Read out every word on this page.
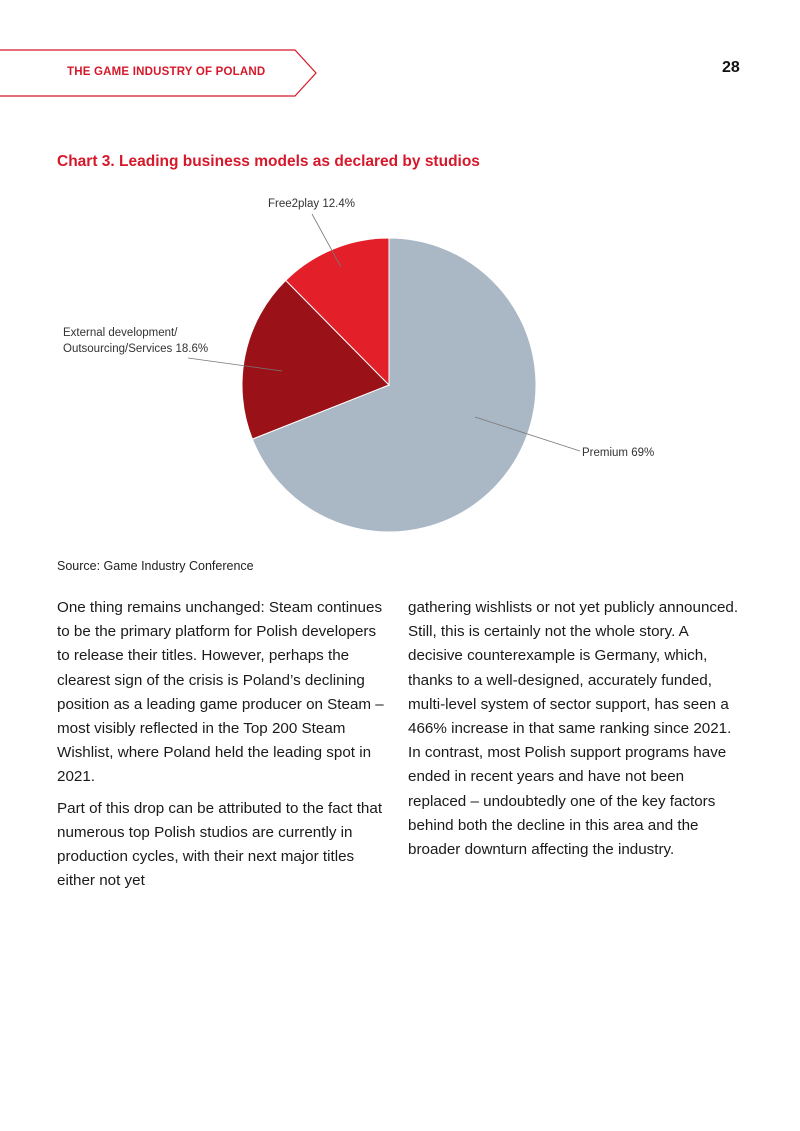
THE GAME INDUSTRY OF POLAND	28
Chart 3. Leading business models as declared by studios
Free2play 12.4%
External development/
Outsourcing/Services 18.6%
Premium 69%
Source: Game Industry Conference

One thing remains unchanged: Steam continues to be the primary platform for Polish developers to release their titles. However, perhaps the clearest sign of the crisis is Poland’s declining position as a leading game producer on Steam – most visibly reflected in the Top 200 Steam Wishlist, where Poland held the leading spot in 2021.

Part of this drop can be attributed to the fact that numerous top Polish studios are currently in production cycles, with their next major titles either not yet

gathering wishlists or not yet publicly announced. Still, this is certainly not the whole story. A decisive counterexample is Germany, which, thanks to a well-designed, accurately funded, multi-level system of sector support, has seen a 466% increase in that same ranking since 2021.

In contrast, most Polish support programs have ended in recent years and have not been replaced – undoubtedly one of the key factors behind both the decline in this area and the broader downturn affecting the industry.
